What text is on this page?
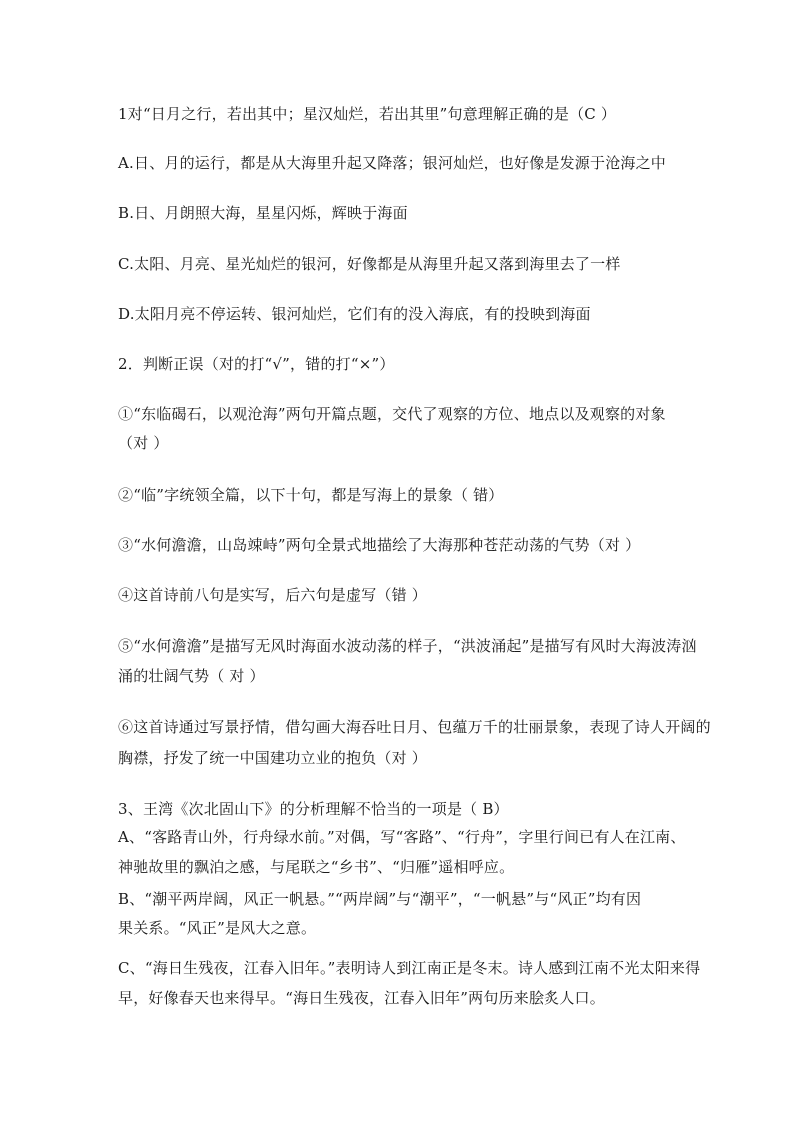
1对“日月之行，若出其中；星汉灿烂，若出其里”句意理解正确的是（C ）
A.日、月的运行，都是从大海里升起又降落；银河灿烂，也好像是发源于沧海之中
B.日、月朗照大海，星星闪烁，辉映于海面
C.太阳、月亮、星光灿烂的银河，好像都是从海里升起又落到海里去了一样
D.太阳月亮不停运转、银河灿烂，它们有的没入海底，有的投映到海面
2．判断正误（对的打“√”，错的打“×”）
①“东临碣石，以观沧海”两句开篇点题，交代了观察的方位、地点以及观察的对象
（对 ）
②“临”字统领全篇，以下十句，都是写海上的景象（ 错）
③“水何澹澹，山岛竦峙”两句全景式地描绘了大海那种苍茫动荡的气势（对 ）
④这首诗前八句是实写，后六句是虚写（错 ）
⑤“水何澹澹”是描写无风时海面水波动荡的样子，“洪波涌起”是描写有风时大海波涛汹
涌的壮阔气势（ 对 ）
⑥这首诗通过写景抒情，借勾画大海吞吐日月、包蕴万千的壮丽景象，表现了诗人开阔的
胸襟，抒发了统一中国建功立业的抱负（对 ）
3、王湾《次北固山下》的分析理解不恰当的一项是（ B）
A、“客路青山外，行舟绿水前。”对偶，写“客路”、“行舟”，字里行间已有人在江南、
神驰故里的飘泊之感，与尾联之“乡书”、“归雁”遥相呼应。
B、“潮平两岸阔，风正一帆悬。”“两岸阔”与“潮平”，“一帆悬”与“风正”均有因
果关系。“风正”是风大之意。
C、“海日生残夜，江春入旧年。”表明诗人到江南正是冬末。诗人感到江南不光太阳来得
早，好像春天也来得早。“海日生残夜，江春入旧年”两句历来脍炙人口。
